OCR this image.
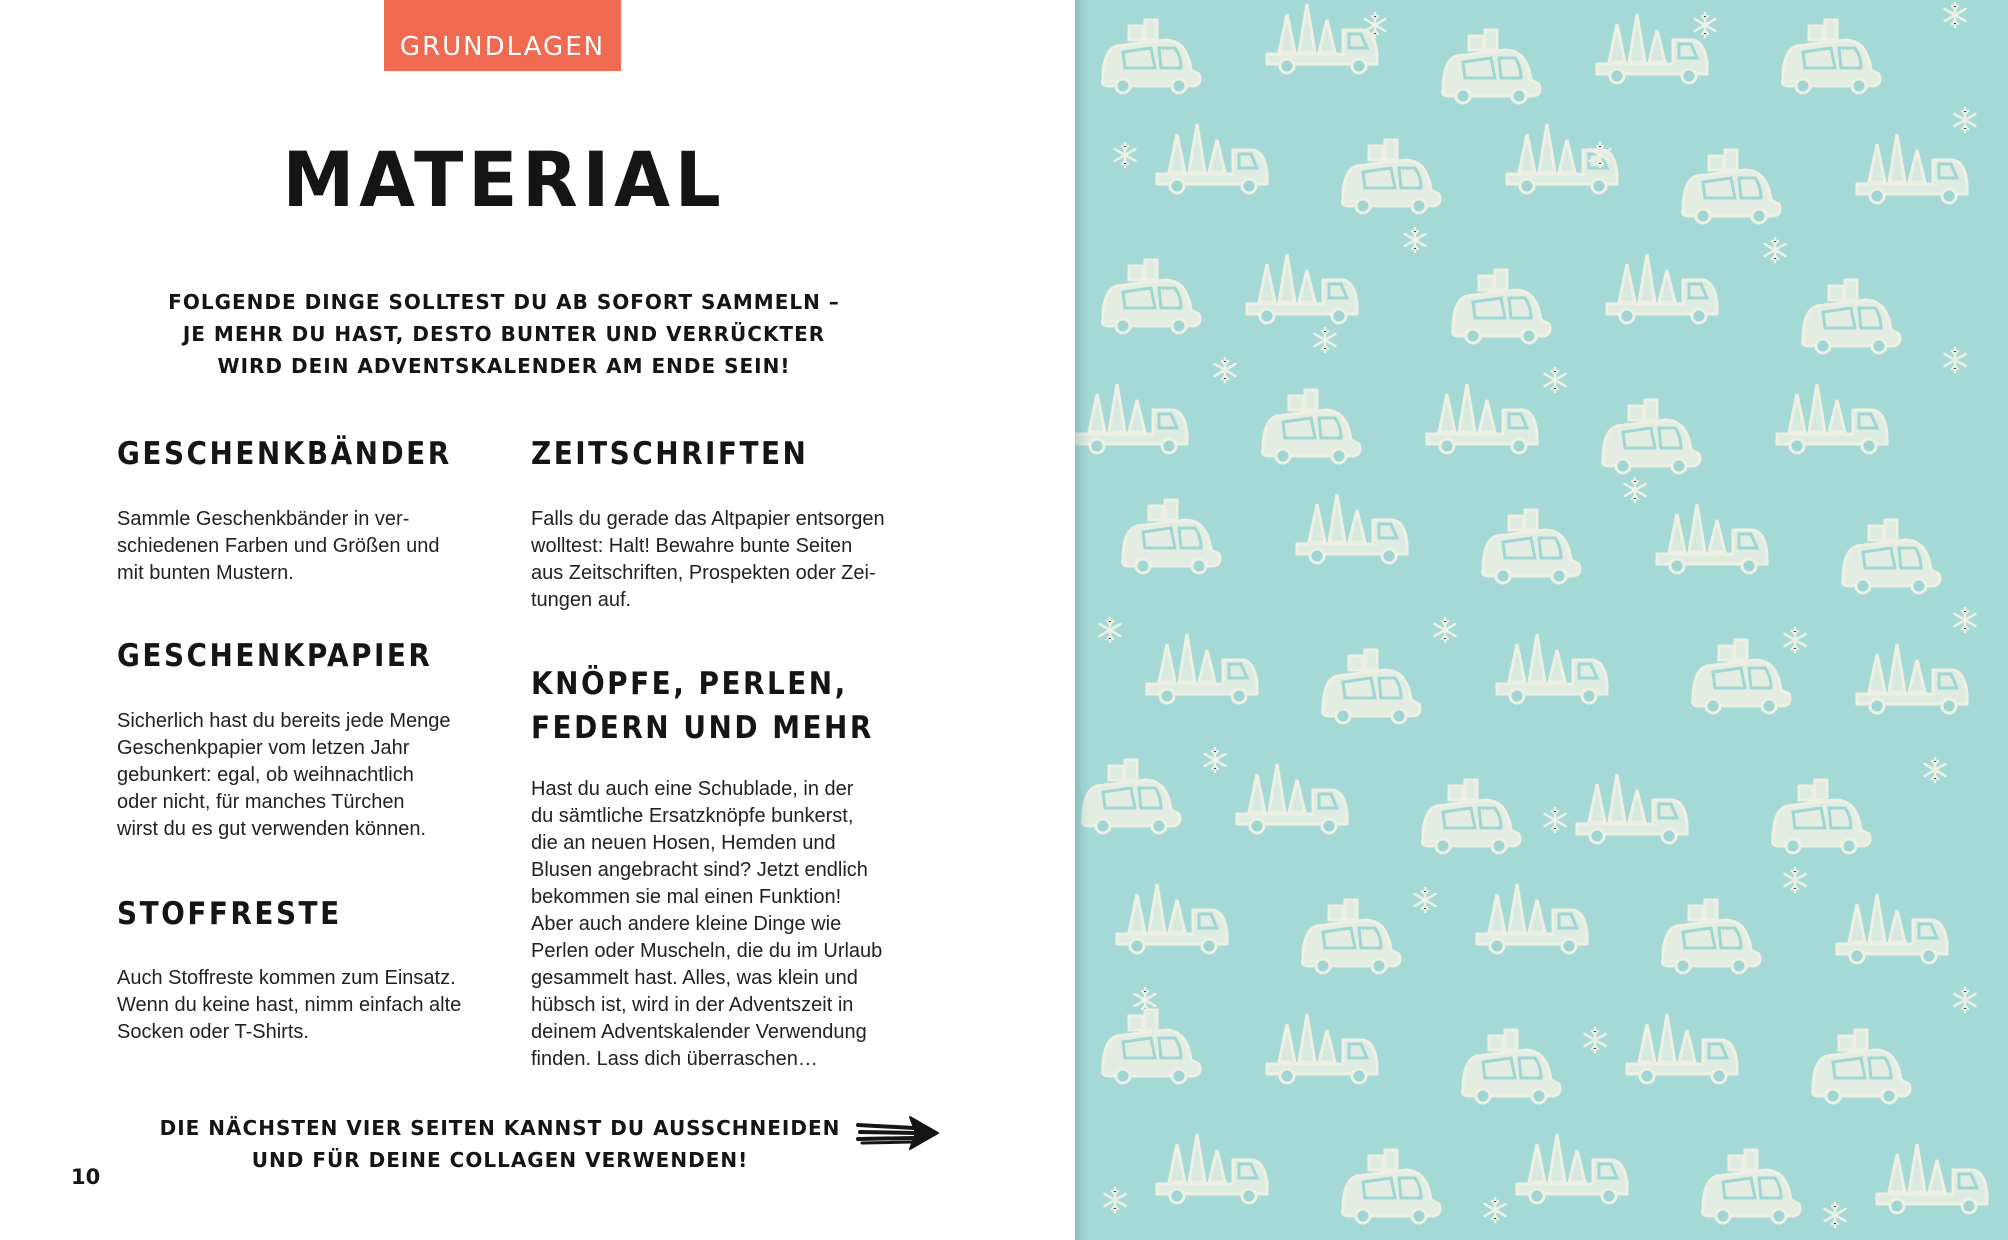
GRUNDLAGEN
MATERIAL
FOLGENDE DINGE SOLLTEST DU AB SOFORT SAMMELN –
JE MEHR DU HAST, DESTO BUNTER UND VERRÜCKTER
WIRD DEIN ADVENTSKALENDER AM ENDE SEIN!
GESCHENKBÄNDER

Sammle Geschenkbänder in ver-
schiedenen Farben und Größen und
mit bunten Mustern.

GESCHENKPAPIER

Sicherlich hast du bereits jede Menge
Geschenkpapier vom letzen Jahr
gebunkert: egal, ob weihnachtlich
oder nicht, für manches Türchen
wirst du es gut verwenden können.

STOFFRESTE

Auch Stoffreste kommen zum Einsatz.
Wenn du keine hast, nimm einfach alte
Socken oder T-Shirts.

ZEITSCHRIFTEN

Falls du gerade das Altpapier entsorgen
wolltest: Halt! Bewahre bunte Seiten
aus Zeitschriften, Prospekten oder Zei-
tungen auf.

KNÖPFE, PERLEN,
FEDERN UND MEHR

Hast du auch eine Schublade, in der
du sämtliche Ersatzknöpfe bunkerst,
die an neuen Hosen, Hemden und
Blusen angebracht sind? Jetzt endlich
bekommen sie mal einen Funktion!
Aber auch andere kleine Dinge wie
Perlen oder Muscheln, die du im Urlaub
gesammelt hast. Alles, was klein und
hübsch ist, wird in der Adventszeit in
deinem Adventskalender Verwendung
finden. Lass dich überraschen…

DIE NÄCHSTEN VIER SEITEN KANNST DU AUSSCHNEIDEN
UND FÜR DEINE COLLAGEN VERWENDEN!
10
